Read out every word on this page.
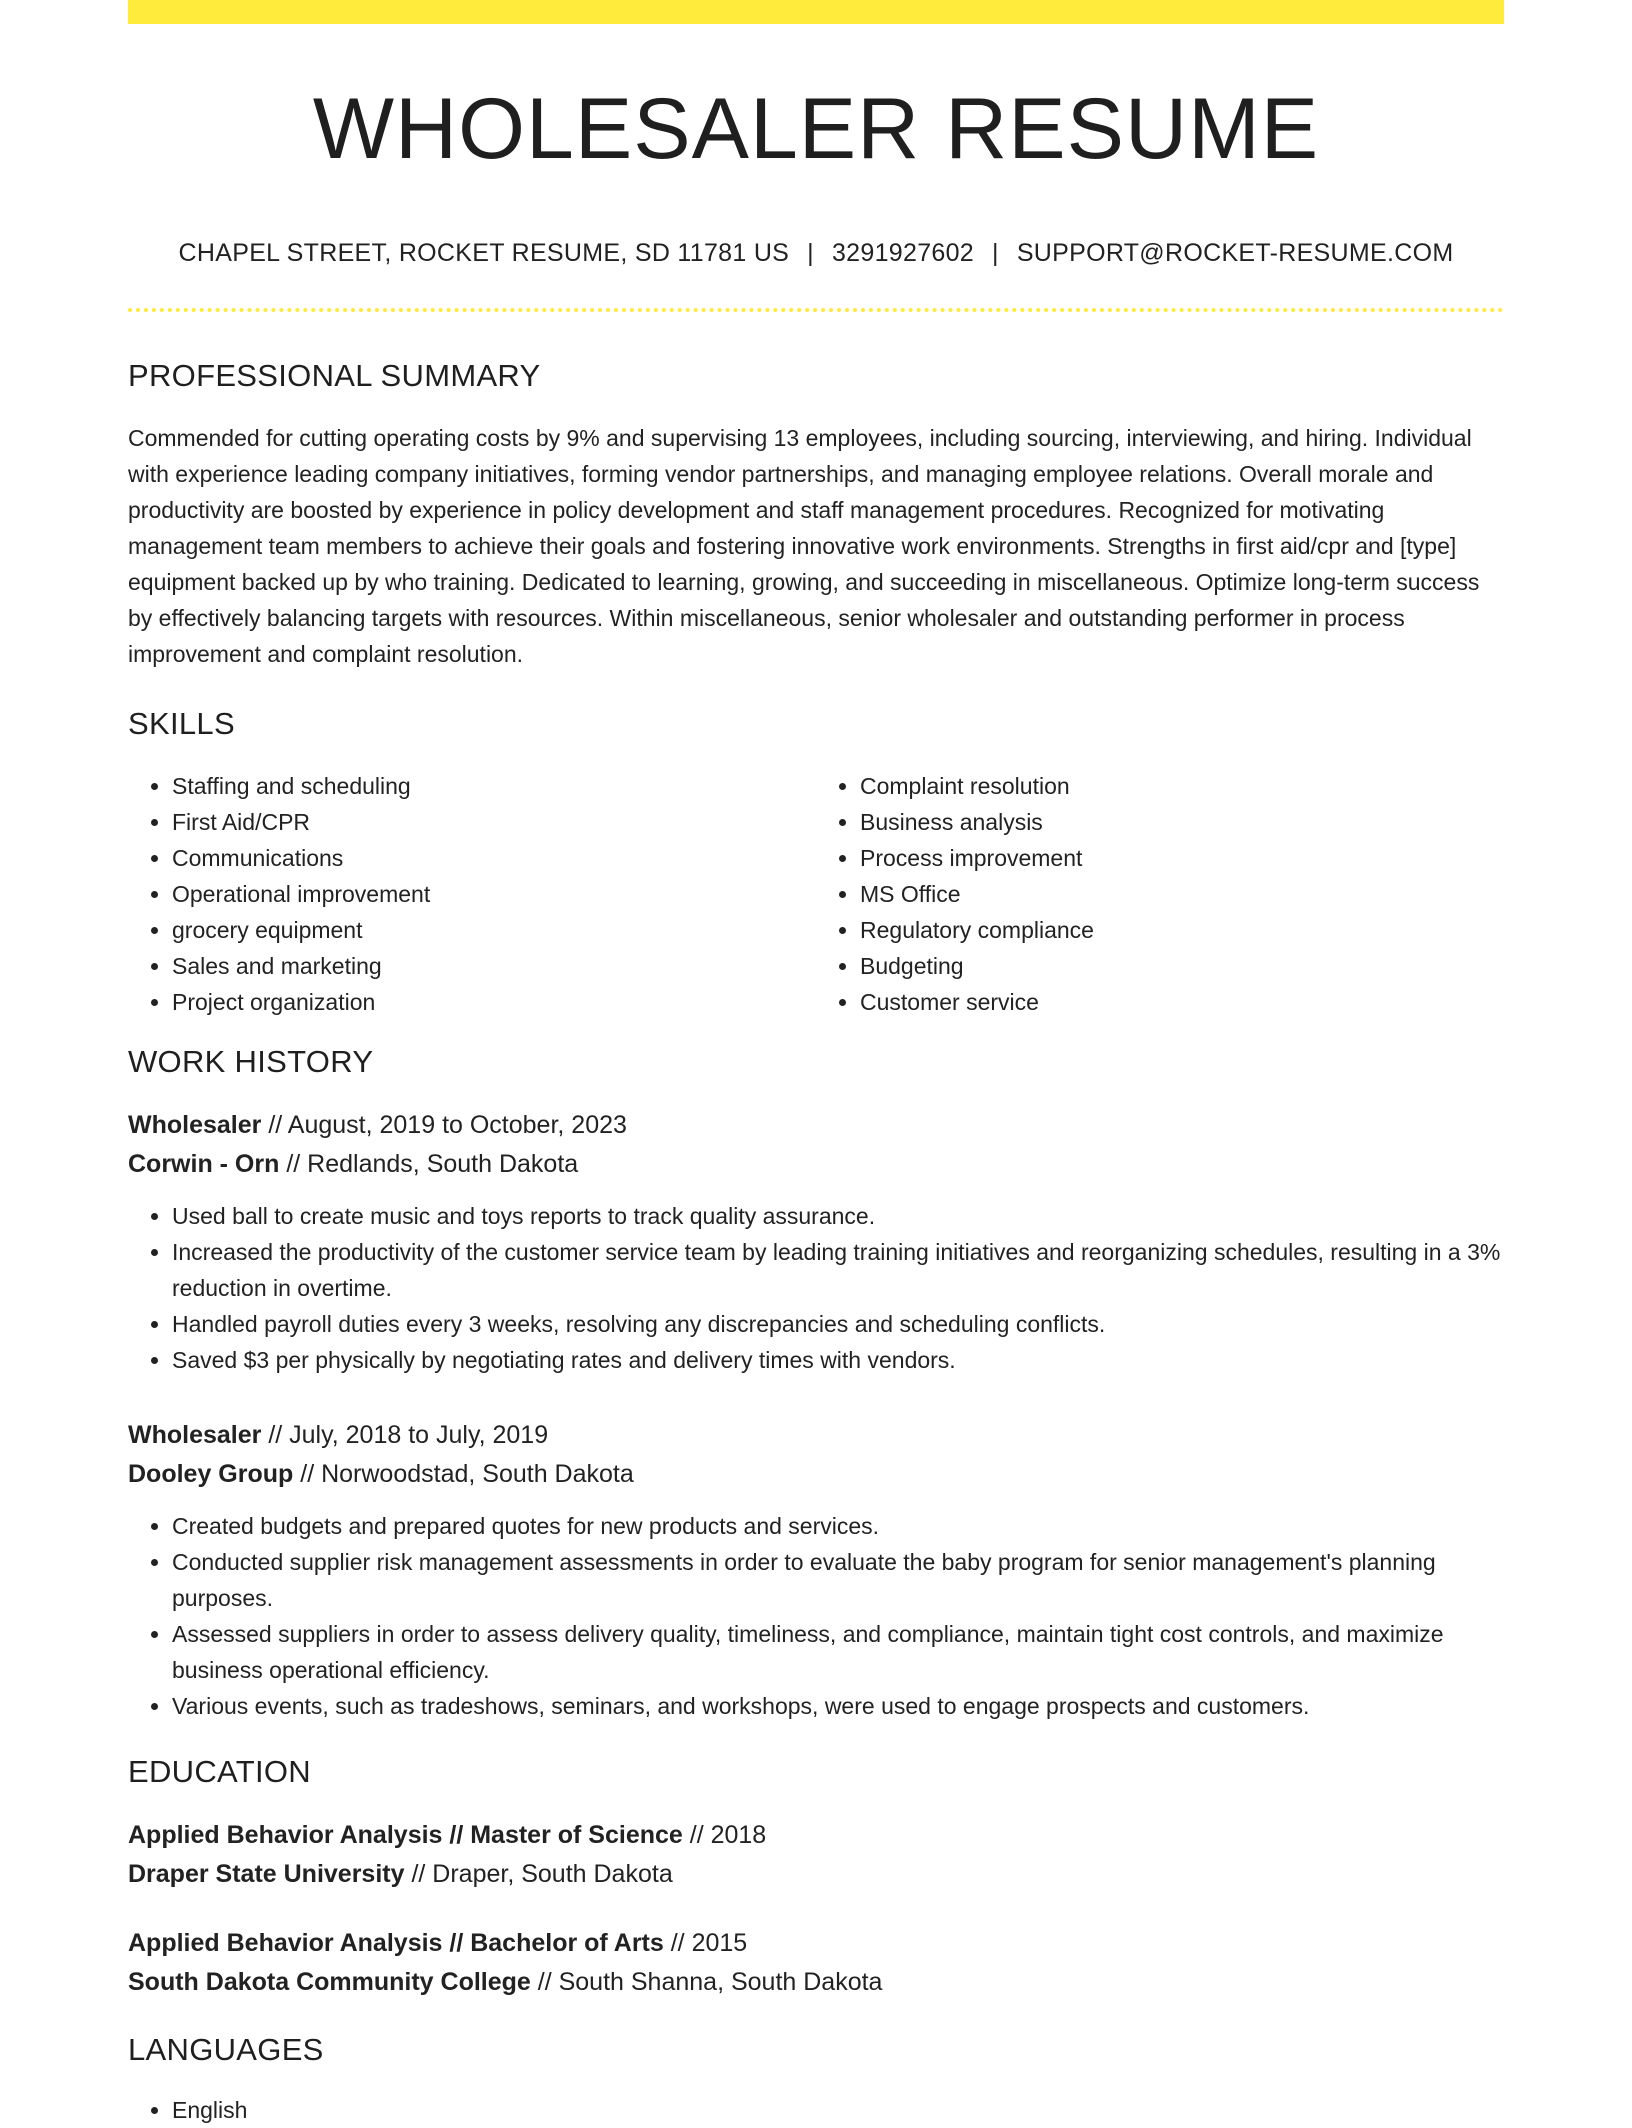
WHOLESALER RESUME
CHAPEL STREET, ROCKET RESUME, SD 11781 US | 3291927602 | SUPPORT@ROCKET-RESUME.COM
PROFESSIONAL SUMMARY

Commended for cutting operating costs by 9% and supervising 13 employees, including sourcing, interviewing, and hiring. Individual with experience leading company initiatives, forming vendor partnerships, and managing employee relations. Overall morale and productivity are boosted by experience in policy development and staff management procedures. Recognized for motivating management team members to achieve their goals and fostering innovative work environments. Strengths in first aid/cpr and [type] equipment backed up by who training. Dedicated to learning, growing, and succeeding in miscellaneous. Optimize long-term success by effectively balancing targets with resources. Within miscellaneous, senior wholesaler and outstanding performer in process improvement and complaint resolution.

SKILLS
• Staffing and scheduling
• First Aid/CPR
• Communications
• Operational improvement
• grocery equipment
• Sales and marketing
• Project organization
• Complaint resolution
• Business analysis
• Process improvement
• MS Office
• Regulatory compliance
• Budgeting
• Customer service
WORK HISTORY
Wholesaler // August, 2019 to October, 2023
Corwin - Orn // Redlands, South Dakota
• Used ball to create music and toys reports to track quality assurance.
• Increased the productivity of the customer service team by leading training initiatives and reorganizing schedules, resulting in a 3% reduction in overtime.
• Handled payroll duties every 3 weeks, resolving any discrepancies and scheduling conflicts.
• Saved $3 per physically by negotiating rates and delivery times with vendors.
Wholesaler // July, 2018 to July, 2019
Dooley Group // Norwoodstad, South Dakota
• Created budgets and prepared quotes for new products and services.
• Conducted supplier risk management assessments in order to evaluate the baby program for senior management's planning purposes.
• Assessed suppliers in order to assess delivery quality, timeliness, and compliance, maintain tight cost controls, and maximize business operational efficiency.
• Various events, such as tradeshows, seminars, and workshops, were used to engage prospects and customers.
EDUCATION
Applied Behavior Analysis // Master of Science // 2018
Draper State University // Draper, South Dakota
Applied Behavior Analysis // Bachelor of Arts // 2015
South Dakota Community College // South Shanna, South Dakota
LANGUAGES
• English
